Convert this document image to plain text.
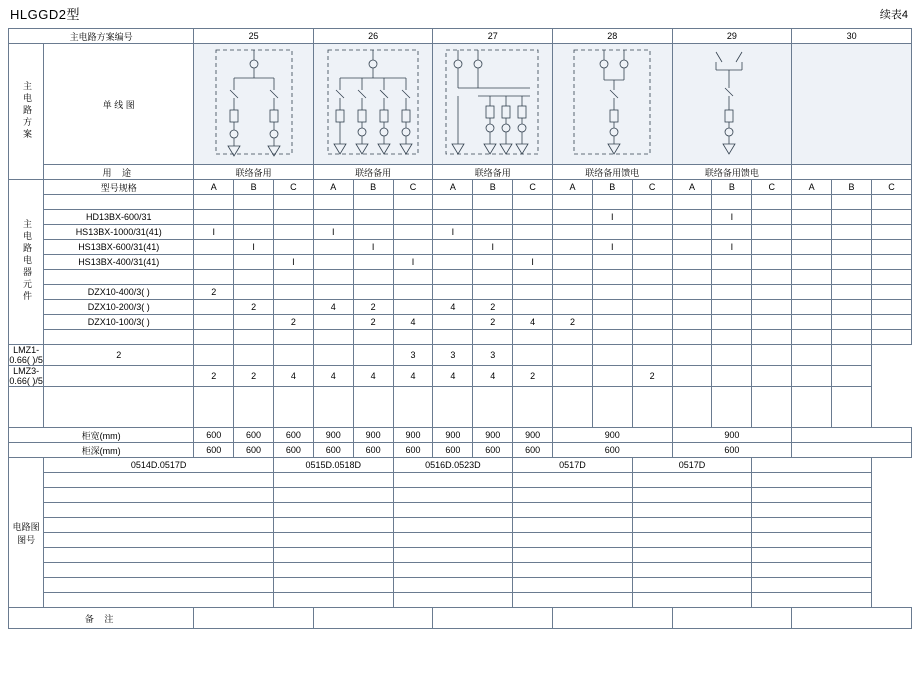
HLGGD2型	续表4
主电路方案编号		25			26			27			28			29			30		
主电路方案	单 线 图	

	用 途	联络备用			联络备用			联络备用			联络备用馈电			联络备用馈电					
主电路电器元件	型号规格	A	B	C	A	B	C	A	B	C	A	B	C	A	B	C	A	B	C

	HD13BX-600/31											I			I				
	HS13BX-1000/31(41)	I			I			I											
	HS13BX-600/31(41)		I			I			I			I			I				
	HS13BX-400/31(41)			I			I			I									

	DZX10-400/3( )	2																	
	DZX10-200/3( )		2		4	2		4	2										
	DZX10-100/3( )			2		2	4		2	4	2								

LMZ1-0.66( )/5	2						3	3	3										
LMZ3-0.66( )/5		2	2	4	4	4	4	4	4	2			2						

柜宽(mm)		600	600	600	900	900	900	900	900	900	900			900					
柜深(mm)		600	600	600	600	600	600	600	600	600	600			600					
电路图图号	0514D.0517D			0515D.0518D			0516D.0523D			0517D			0517D						

备 注																			
